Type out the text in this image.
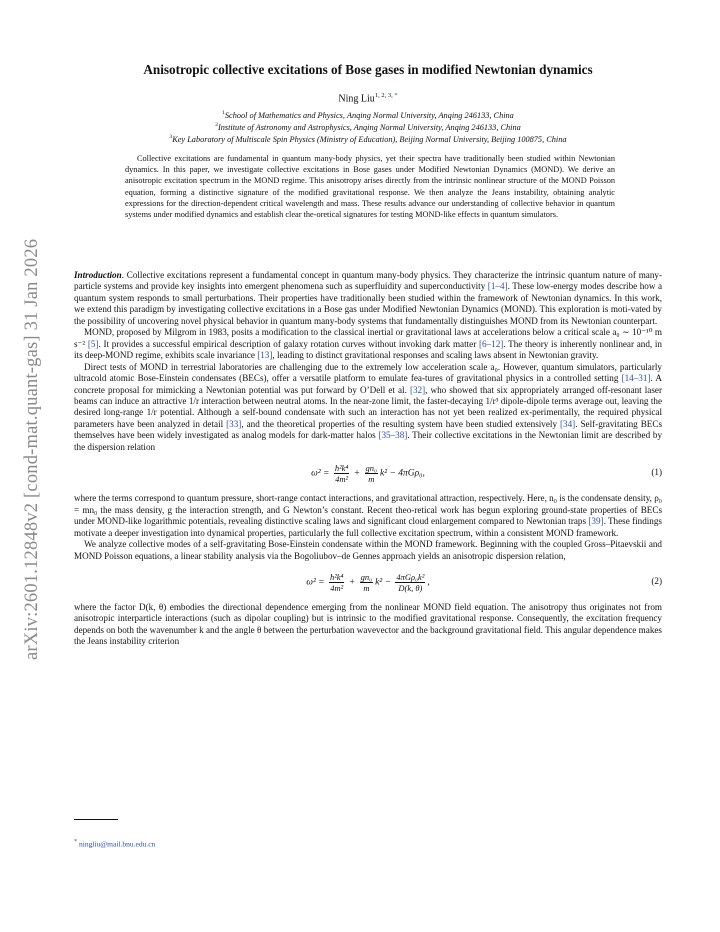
arXiv:2601.12848v2 [cond-mat.quant-gas] 31 Jan 2026
Anisotropic collective excitations of Bose gases in modified Newtonian dynamics
Ning Liu$^{1, 2, 3,}$ *
$^1$School of Mathematics and Physics, Anqing Normal University, Anqing 246133, China
$^2$Institute of Astronomy and Astrophysics, Anqing Normal University, Anqing 246133, China
$^3$Key Laboratory of Multiscale Spin Physics (Ministry of Education), Beijing Normal University, Beijing 100875, China
Collective excitations are fundamental in quantum many-body physics, yet their spectra have traditionally been studied within Newtonian dynamics. In this paper, we investigate collective excitations in Bose gases under Modified Newtonian Dynamics (MOND). We derive an anisotropic excitation spectrum in the MOND regime. This anisotropy arises directly from the intrinsic nonlinear structure of the MOND Poisson equation, forming a distinctive signature of the modified gravitational response. We then analyze the Jeans instability, obtaining analytic expressions for the direction-dependent critical wavelength and mass. These results advance our understanding of collective behavior in quantum systems under modified dynamics and establish clear the-oretical signatures for testing MOND-like effects in quantum simulators.

Introduction. Collective excitations represent a fundamental concept in quantum many-body physics. They characterize the intrinsic quantum nature of many-particle systems and provide key insights into emergent phenomena such as superfluidity and superconductivity [1–4]. These low-energy modes describe how a quantum system responds to small perturbations. Their properties have traditionally been studied within the framework of Newtonian dynamics. In this work, we extend this paradigm by investigating collective excitations in a Bose gas under Modified Newtonian Dynamics (MOND). This exploration is moti-vated by the possibility of uncovering novel physical behavior in quantum many-body systems that fundamentally distinguishes MOND from its Newtonian counterpart.

MOND, proposed by Milgrom in 1983, posits a modification to the classical inertial or gravitational laws at accelerations below a critical scale a₀ ∼ 10⁻¹⁰ m s⁻² [5]. It provides a successful empirical description of galaxy rotation curves without invoking dark matter [6–12]. The theory is inherently nonlinear and, in its deep-MOND regime, exhibits scale invariance [13], leading to distinct gravitational responses and scaling laws absent in Newtonian gravity.

Direct tests of MOND in terrestrial laboratories are challenging due to the extremely low acceleration scale a₀. However, quantum simulators, particularly ultracold atomic Bose-Einstein condensates (BECs), offer a versatile platform to emulate fea-tures of gravitational physics in a controlled setting [14–31]. A concrete proposal for mimicking a Newtonian potential was put forward by O’Dell et al. [32], who showed that six appropriately arranged off-resonant laser beams can induce an attractive 1/r interaction between neutral atoms. In the near-zone limit, the faster-decaying 1/r³ dipole-dipole terms average out, leaving the desired long-range 1/r potential. Although a self-bound condensate with such an interaction has not yet been realized ex-perimentally, the required physical parameters have been analyzed in detail [33], and the theoretical properties of the resulting system have been studied extensively [34]. Self-gravitating BECs themselves have been widely investigated as analog models for dark-matter halos [35–38]. Their collective excitations in the Newtonian limit are described by the dispersion relation

$\omega^2 = \frac{\text{ħ²k⁴}}{\text{4m²}} + \frac{\text{gn₀}}{m} k^2 - 4\pi G\rho_0$,	(1)

where the terms correspond to quantum pressure, short-range contact interactions, and gravitational attraction, respectively. Here, n₀ is the condensate density, ρ₀ = mn₀ the mass density, g the interaction strength, and G Newton’s constant. Recent theo-retical work has begun exploring ground-state properties of BECs under MOND-like logarithmic potentials, revealing distinctive scaling laws and significant cloud enlargement compared to Newtonian traps [39]. These findings motivate a deeper investigation into dynamical properties, particularly the full collective excitation spectrum, within a consistent MOND framework.

We analyze collective modes of a self-gravitating Bose-Einstein condensate within the MOND framework. Beginning with the coupled Gross–Pitaevskii and MOND Poisson equations, a linear stability analysis via the Bogoliubov–de Gennes approach yields an anisotropic dispersion relation,

$\omega^2 = \frac{\text{ħ²k⁴}}{\text{4m²}} + \frac{\text{gn₀}}{m} k^2 - \frac{\text{4πGρ₀k²}}{D(k, \theta)}$ ,	(2)

where the factor D(k, θ) embodies the directional dependence emerging from the nonlinear MOND field equation. The anisotropy thus originates not from anisotropic interparticle interactions (such as dipolar coupling) but is intrinsic to the modified gravitational response. Consequently, the excitation frequency depends on both the wavenumber k and the angle θ between the perturbation wavevector and the background gravitational field. This angular dependence makes the Jeans instability criterion

* ningliu@mail.bnu.edu.cn
